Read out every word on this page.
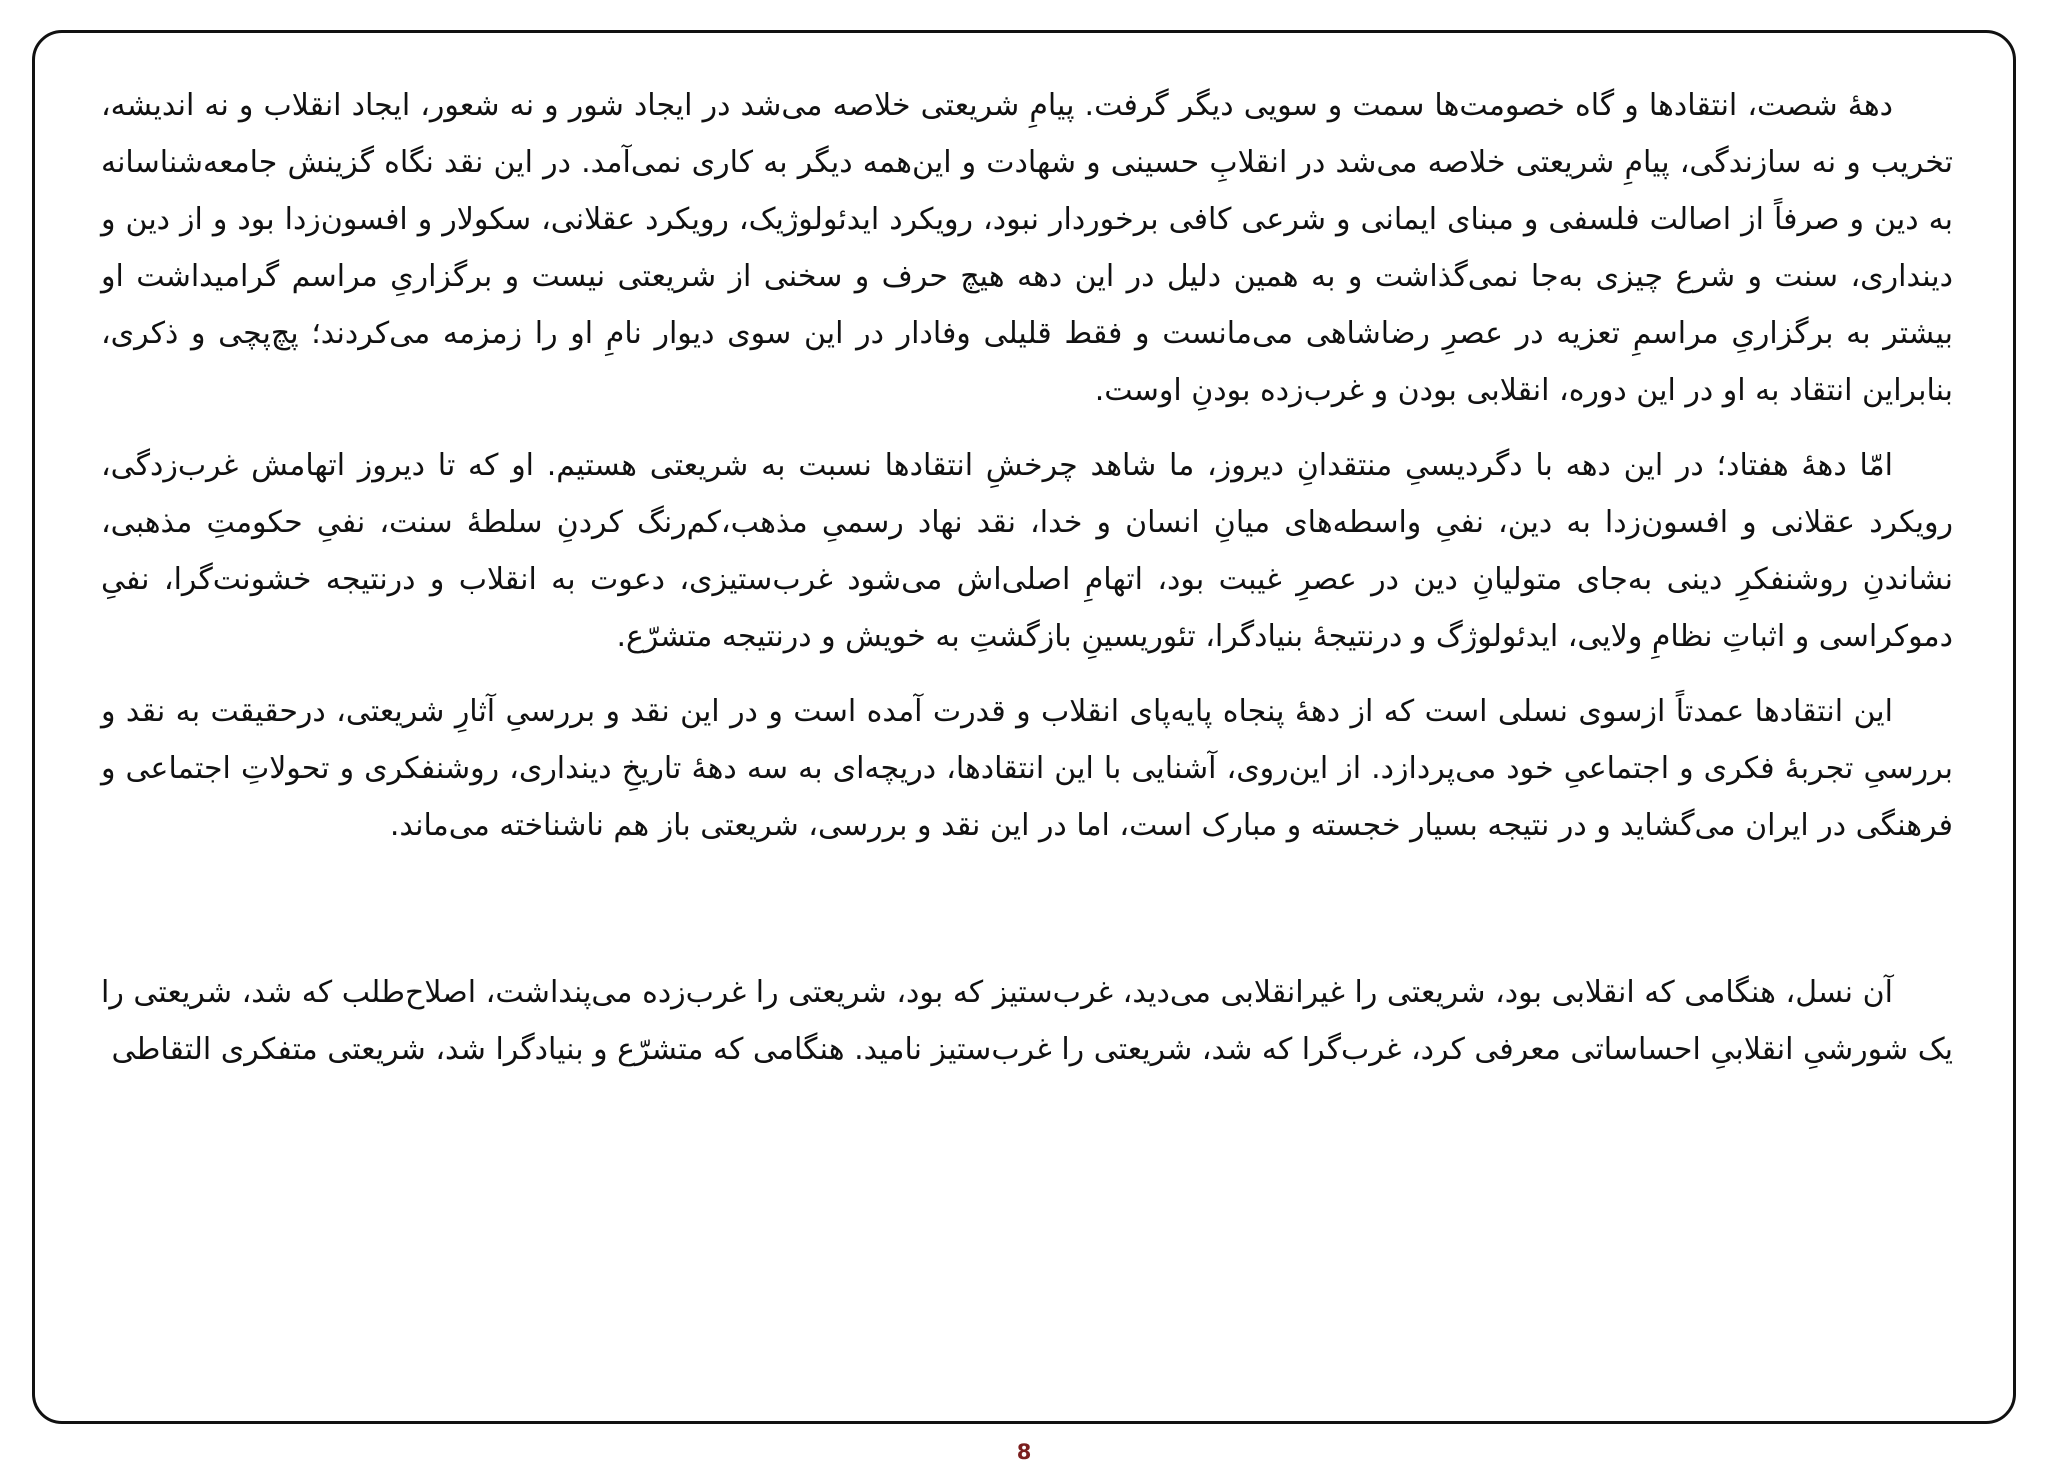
دههٔ شصت، انتقادها و گاه خصومت‌ها سمت و سویی دیگر گرفت. پیامِ شریعتی خلاصه می‌شد در ایجاد شور و نه شعور، ایجاد انقلاب و نه اندیشه، تخریب و نه سازندگی، پیامِ شریعتی خلاصه می‌شد در انقلابِ حسینی و شهادت و این‌همه دیگر به کاری نمی‌آمد. در این نقد نگاه گزینش جامعه‌شناسانه به دین و صرفاً از اصالت فلسفی و مبنای ایمانی و شرعی کافی برخوردار نبود، رویکرد ایدئولوژیک، رویکرد عقلانی، سکولار و افسون‌زدا بود و از دین و دینداری، سنت و شرع چیزی به‌جا نمی‌گذاشت و به همین دلیل در این دهه هیچ حرف و سخنی از شریعتی نیست و برگزاریِ مراسم گرامیداشت او بیشتر به برگزاریِ مراسمِ تعزیه در عصرِ رضاشاهی می‌مانست و فقط قلیلی وفادار در این سوی دیوار نامِ او را زمزمه می‌کردند؛ پچ‌پچی و ذکری، بنابراین انتقاد به او در این دوره، انقلابی بودن و غرب‌زده بودنِ اوست.

امّا دههٔ هفتاد؛ در این دهه با دگردیسیِ منتقدانِ دیروز، ما شاهد چرخشِ انتقادها نسبت به شریعتی هستیم. او که تا دیروز اتهامش غرب‌زدگی، رویکرد عقلانی و افسون‌زدا به دین، نفیِ واسطه‌های میانِ انسان و خدا، نقد نهاد رسمیِ مذهب،کم‌رنگ کردنِ سلطهٔ سنت، نفیِ حکومتِ مذهبی، نشاندنِ روشنفکرِ دینی به‌جای متولیانِ دین در عصرِ غیبت بود، اتهامِ اصلی‌اش می‌شود غرب‌ستیزی، دعوت به انقلاب و درنتیجه خشونت‌گرا، نفیِ دموکراسی و اثباتِ نظامِ ولایی، ایدئولوژگ و درنتیجهٔ بنیادگرا، تئوریسینِ بازگشتِ به خویش و درنتیجه متشرّع.

این انتقادها عمدتاً ازسوی نسلی است که از دههٔ پنجاه پایه‌پای انقلاب و قدرت آمده است و در این نقد و بررسیِ آثارِ شریعتی، درحقیقت به نقد و بررسیِ تجربهٔ فکری و اجتماعیِ خود می‌پردازد. از این‌روی، آشنایی با این انتقادها، دریچه‌ای به سه دههٔ تاریخِ دینداری، روشنفکری و تحولاتِ اجتماعی و فرهنگی در ایران می‌گشاید و در نتیجه بسیار خجسته و مبارک است، اما در این نقد و بررسی، شریعتی باز هم ناشناخته می‌ماند.

آن نسل، هنگامی که انقلابی بود، شریعتی را غیرانقلابی می‌دید، غرب‌ستیز که بود، شریعتی را غرب‌زده می‌پنداشت، اصلاح‌طلب که شد، شریعتی را یک شورشیِ انقلابیِ احساساتی معرفی کرد، غرب‌گرا که شد، شریعتی را غرب‌ستیز نامید. هنگامی که متشرّع و بنیادگرا شد، شریعتی متفکری التقاطی

8
